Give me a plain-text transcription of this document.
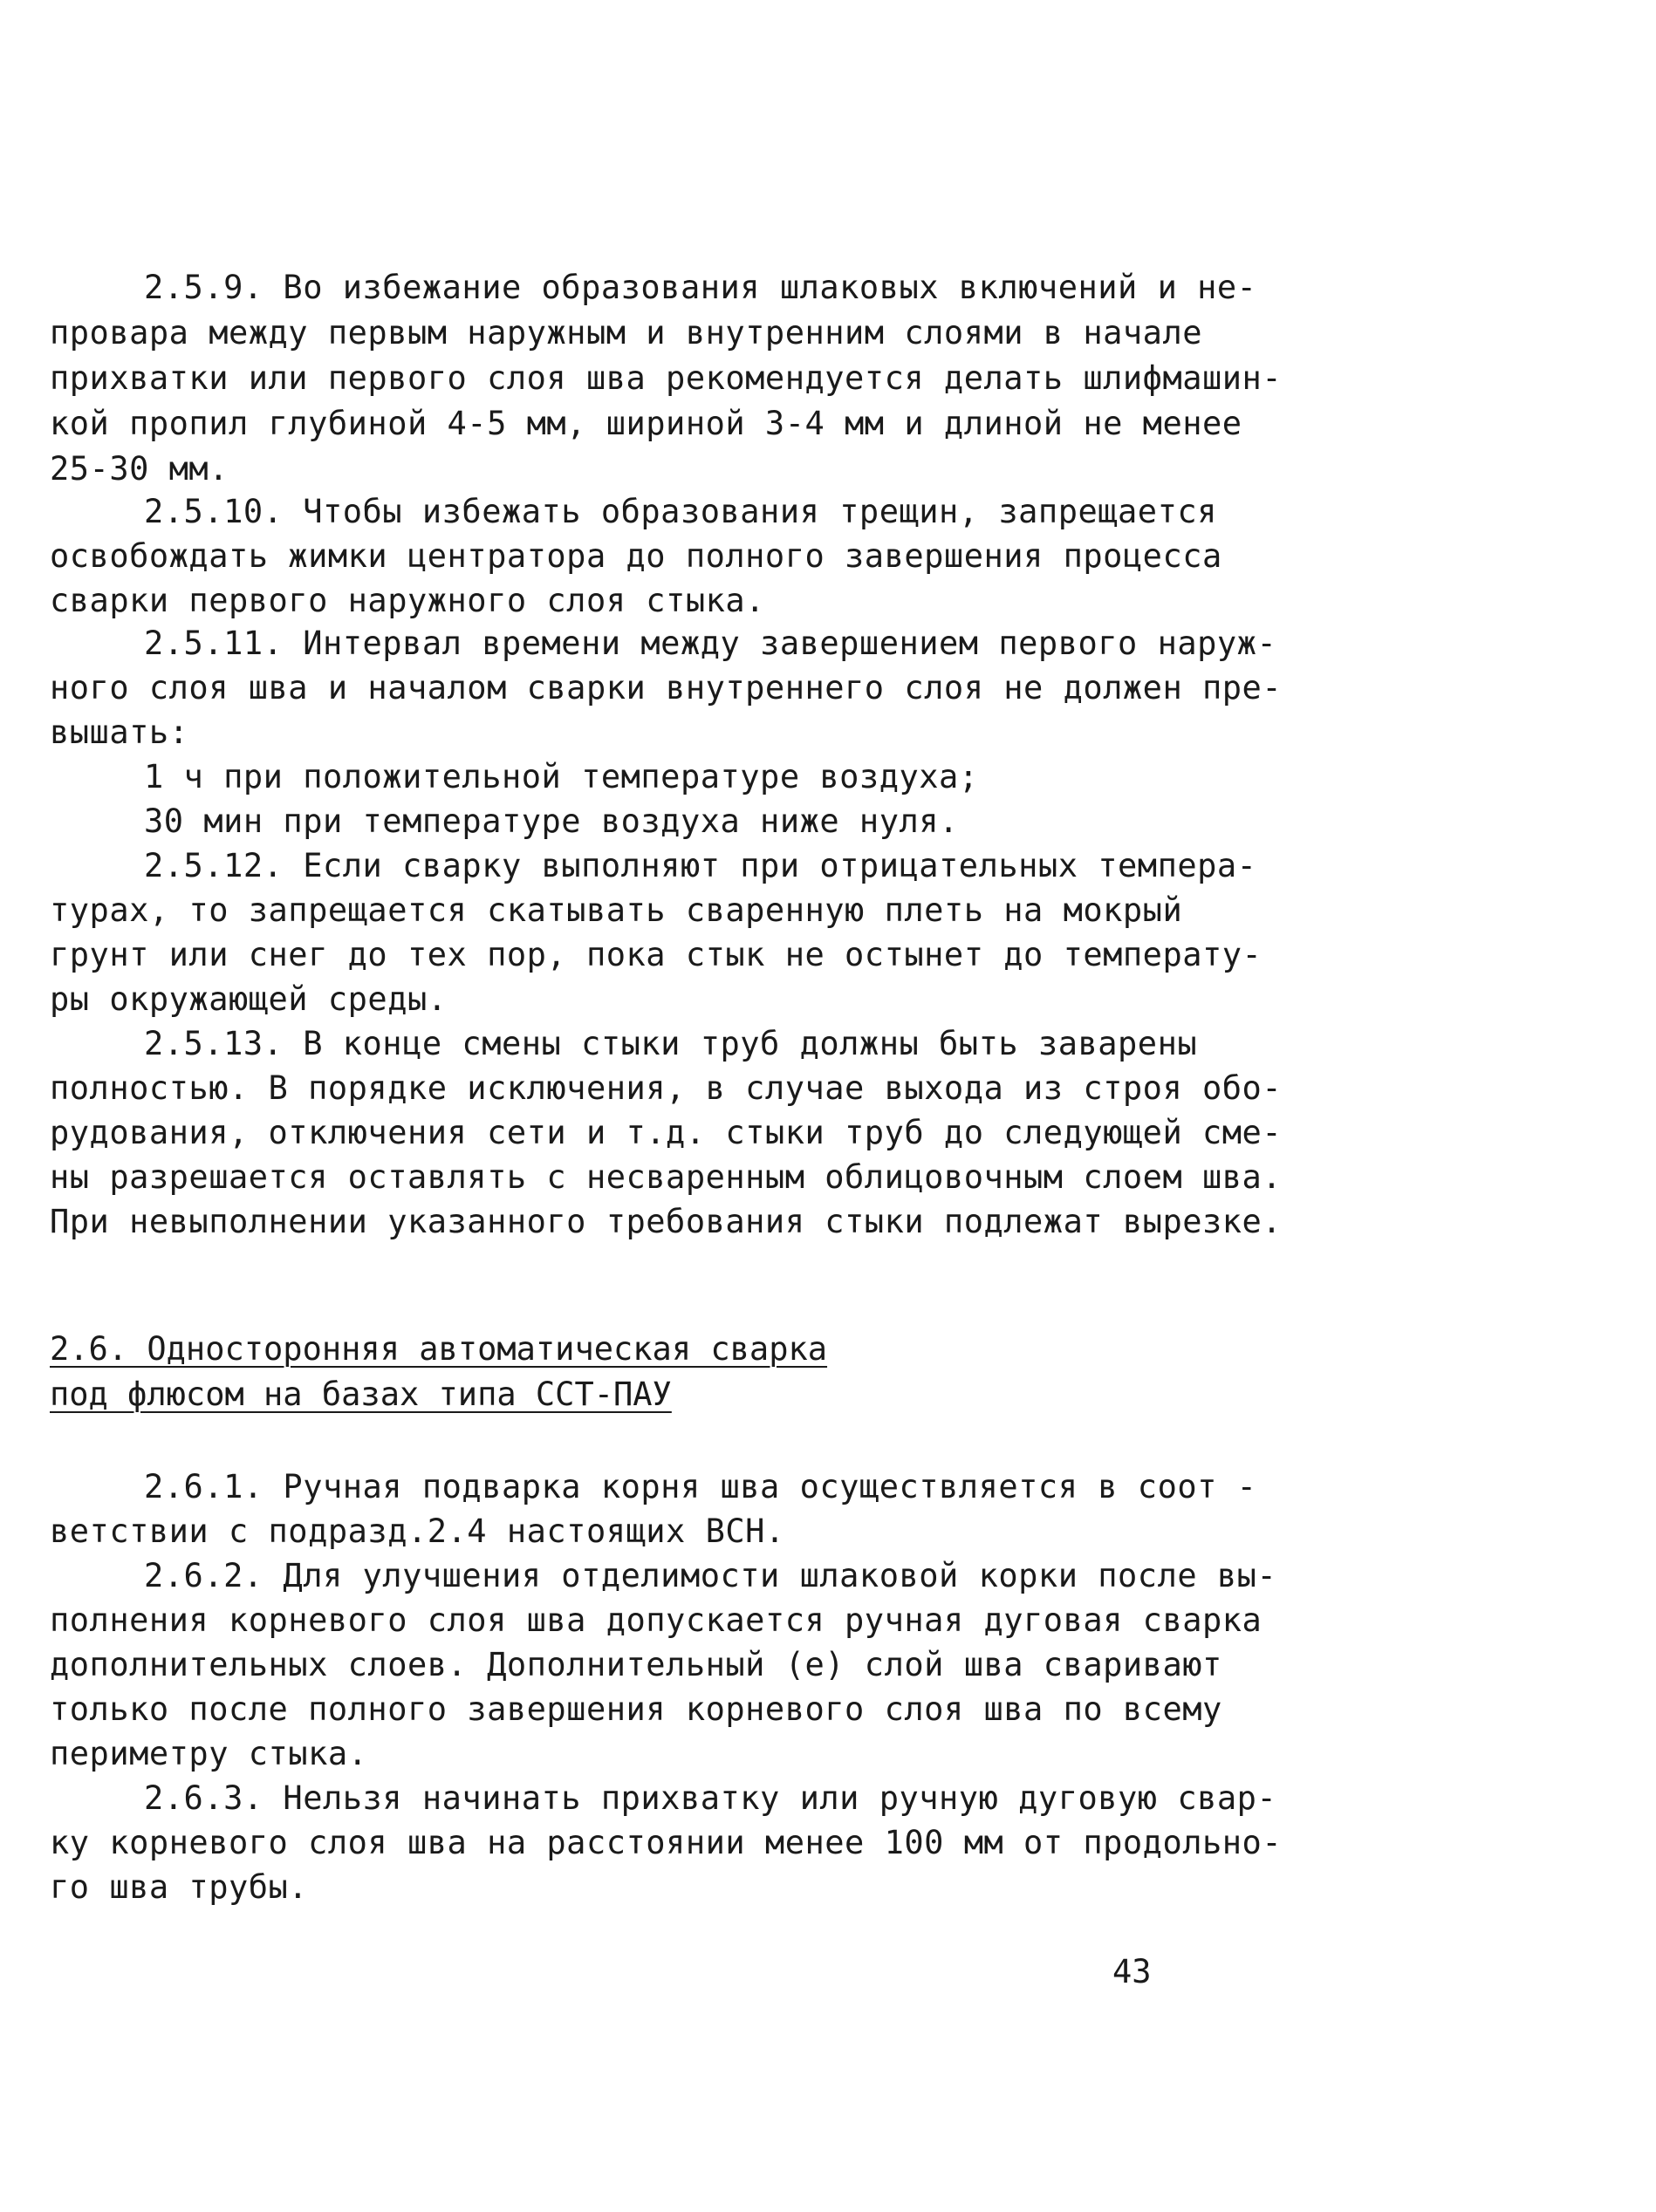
2.5.9. Во избежание образования шлаковых включений и не-
провара между первым наружным и внутренним слоями в начале
прихватки или первого слоя шва рекомендуется делать шлифмашин-
кой пропил глубиной 4-5 мм, шириной 3-4 мм и длиной не менее
25-30 мм.
2.5.10. Чтобы избежать образования трещин, запрещается
освобождать жимки центратора до полного завершения процесса
сварки первого наружного слоя стыка.
2.5.11. Интервал времени между завершением первого наруж-
ного слоя шва и началом сварки внутреннего слоя не должен пре-
вышать:
1 ч при положительной температуре воздуха;
30 мин при температуре воздуха ниже нуля.
2.5.12. Если сварку выполняют при отрицательных темпера-
турах, то запрещается скатывать сваренную плеть на мокрый
грунт или снег до тех пор, пока стык не остынет до температу-
ры окружающей среды.
2.5.13. В конце смены стыки труб должны быть заварены
полностью. В порядке исключения, в случае выхода из строя обо-
рудования, отключения сети и т.д. стыки труб до следующей сме-
ны разрешается оставлять с несваренным облицовочным слоем шва.
При невыполнении указанного требования стыки подлежат вырезке.
2.6. Односторонняя автоматическая сварка
под флюсом на базах типа ССТ-ПАУ
2.6.1. Ручная подварка корня шва осуществляется в соот -
ветствии с подразд.2.4 настоящих ВСН.
2.6.2. Для улучшения отделимости шлаковой корки после вы-
полнения корневого слоя шва допускается ручная дуговая сварка
дополнительных слоев. Дополнительный (е) слой шва сваривают
только после полного завершения корневого слоя шва по всему
периметру стыка.
2.6.3. Нельзя начинать прихватку или ручную дуговую свар-
ку корневого слоя шва на расстоянии менее 100 мм от продольно-
го шва трубы.
43
